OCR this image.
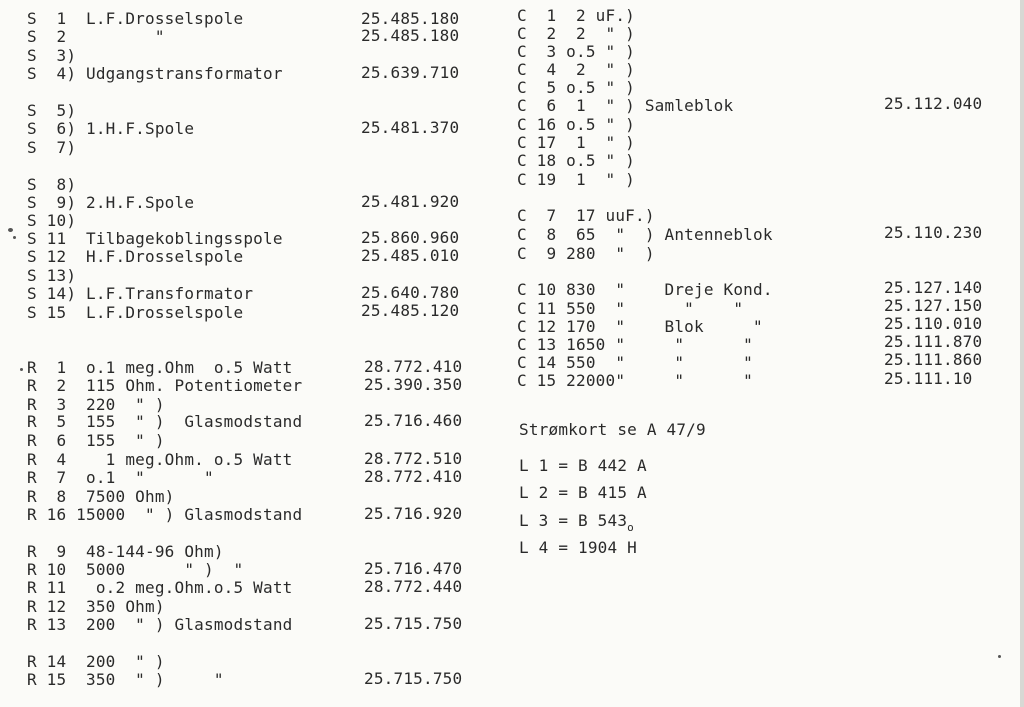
S  1  L.F.Drosselspole
S  2         "
S  3)
S  4) Udgangstransformator
S  5)
S  6) 1.H.F.Spole
S  7)
S  8)
S  9) 2.H.F.Spole
S 10)
S 11  Tilbagekoblingsspole
S 12  H.F.Drosselspole
S 13)
S 14) L.F.Transformator
S 15  L.F.Drosselspole
R  1  o.1 meg.Ohm  o.5 Watt
R  2  115 Ohm. Potentiometer
R  3  220  " )
R  5  155  " )  Glasmodstand
R  6  155  " )
R  4    1 meg.Ohm. o.5 Watt
R  7  o.1  "      "
R  8  7500 Ohm)
R 16 15000  " ) Glasmodstand
R  9  48-144-96 Ohm)
R 10  5000      " )  "
R 11   o.2 meg.Ohm.o.5 Watt
R 12  350 Ohm)
R 13  200  " ) Glasmodstand
R 14  200  " )
R 15  350  " )     "
25.485.180
25.485.180
25.639.710
25.481.370
25.481.920
25.860.960
25.485.010
25.640.780
25.485.120
28.772.410
25.390.350
25.716.460
28.772.510
28.772.410
25.716.920
25.716.470
28.772.440
25.715.750
25.715.750
C  1  2 uF.)
C  2  2  " )
C  3 o.5 " )
C  4  2  " )
C  5 o.5 " )
C  6  1  " ) Samleblok
C 16 o.5 " )
C 17  1  " )
C 18 o.5 " )
C 19  1  " )
C  7  17 uuF.)
C  8  65  "  ) Antenneblok
C  9 280  "  )
C 10 830  "    Dreje Kond.
C 11 550  "      "    "
C 12 170  "    Blok     "
C 13 1650 "     "      "
C 14 550  "     "      "
C 15 22000"     "      "
25.112.040
25.110.230
25.127.140
25.127.150
25.110.010
25.111.870
25.111.860
25.111.10
Strømkort se A 47/9
L 1 = B 442 A
L 2 = B 415 A
L 3 = B $543_o$
L 4 = 1904 H
